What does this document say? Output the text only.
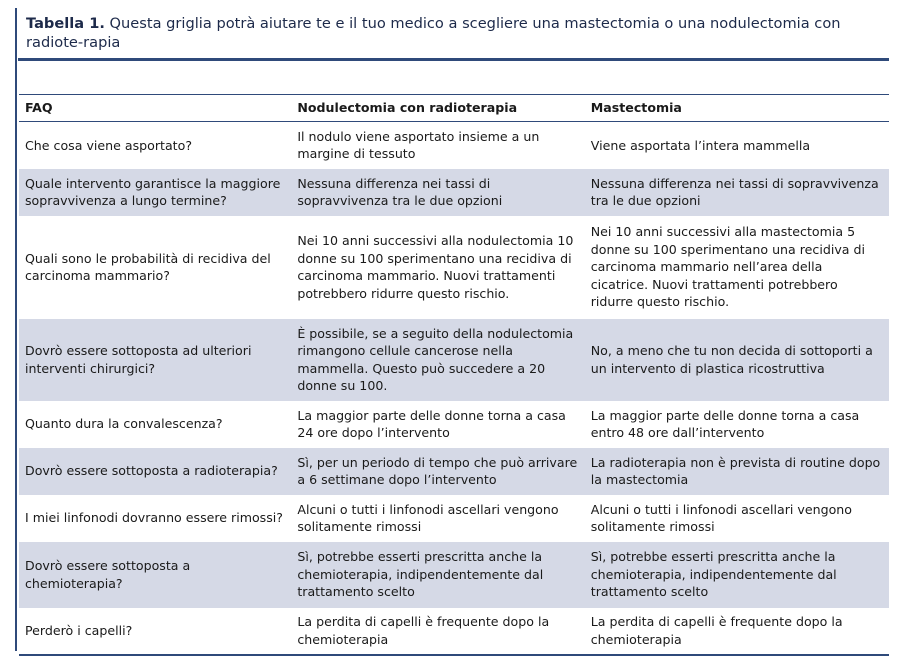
Tabella 1. Questa griglia potrà aiutare te e il tuo medico a scegliere una mastectomia o una nodulectomia con radiote-rapia
FAQ	Nodulectomia con radioterapia	Mastectomia
Che cosa viene asportato?	Il nodulo viene asportato insieme a un margine di tessuto	Viene asportata l’intera mammella
Quale intervento garantisce la maggiore sopravvivenza a lungo termine?	Nessuna differenza nei tassi di sopravvivenza tra le due opzioni	Nessuna differenza nei tassi di sopravvivenza tra le due opzioni
Quali sono le probabilità di recidiva del carcinoma mammario?	Nei 10 anni successivi alla nodulectomia 10 donne su 100 sperimentano una recidiva di carcinoma mammario. Nuovi trattamenti potrebbero ridurre questo rischio.	Nei 10 anni successivi alla mastectomia 5 donne su 100 sperimentano una recidiva di carcinoma mammario nell’area della cicatrice. Nuovi trattamenti potrebbero ridurre questo rischio.
Dovrò essere sottoposta ad ulteriori interventi chirurgici?	È possibile, se a seguito della nodulectomia rimangono cellule cancerose nella mammella. Questo può succedere a 20 donne su 100.	No, a meno che tu non decida di sottoporti a un intervento di plastica ricostruttiva
Quanto dura la convalescenza?	La maggior parte delle donne torna a casa 24 ore dopo l’intervento	La maggior parte delle donne torna a casa entro 48 ore dall’intervento
Dovrò essere sottoposta a radioterapia?	Sì, per un periodo di tempo che può arrivare a 6 settimane dopo l’intervento	La radioterapia non è prevista di routine dopo la mastectomia
I miei linfonodi dovranno essere rimossi?	Alcuni o tutti i linfonodi ascellari vengono solitamente rimossi	Alcuni o tutti i linfonodi ascellari vengono solitamente rimossi
Dovrò essere sottoposta a chemioterapia?	Sì, potrebbe esserti prescritta anche la chemioterapia, indipendentemente dal trattamento scelto	Sì, potrebbe esserti prescritta anche la chemioterapia, indipendentemente dal trattamento scelto
Perderò i capelli?	La perdita di capelli è frequente dopo la chemioterapia	La perdita di capelli è frequente dopo la chemioterapia
